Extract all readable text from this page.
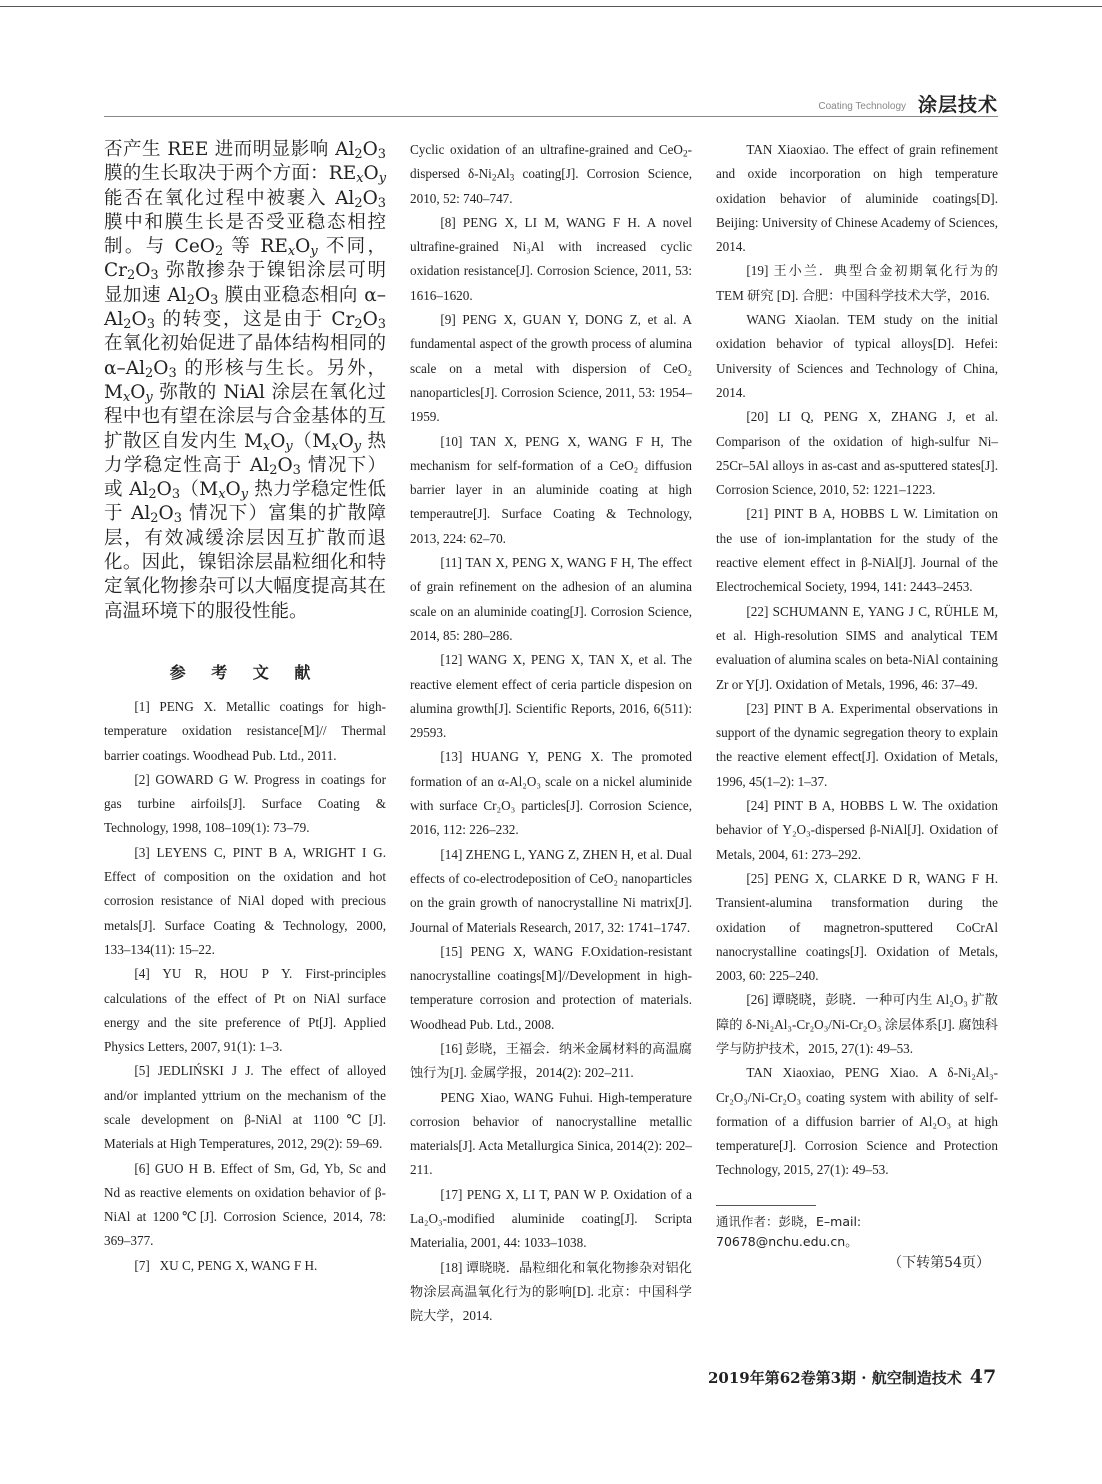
Coating Technology 涂层技术

否产生 REE 进而明显影响 $Al_2O_3$ 膜的生长取决于两个方面：$RE_xO_y$ 能否在氧化过程中被裹入 $Al_2O_3$ 膜中和膜生长是否受亚稳态相控制。与 CeO$_2$ 等 $RE_xO_y$ 不同，$Cr_2O_3$ 弥散掺杂于镍铝涂层可明显加速 $Al_2O_3$ 膜由亚稳态相向 $\alpha-Al_2O_3$ 的转变，这是由于 $Cr_2O_3$ 在氧化初始促进了晶体结构相同的 $\alpha-Al_2O_3$ 的形核与生长。另外，$M_xO_y$ 弥散的 NiAl 涂层在氧化过程中也有望在涂层与合金基体的互扩散区自发内生 $M_xO_y(M_xO_y$ 热力学稳定性高于 $Al_2O_3$ 情况下）或 $Al_2O_3(M_xO_y$ 热力学稳定性低于 $Al_2O_3$ 情况下）富集的扩散障层，有效减缓涂层因互扩散而退化。因此，镍铝涂层晶粒细化和特定氧化物掺杂可以大幅度提高其在高温环境下的服役性能。

参 考 文 献

[1] PENG X. Metallic coatings for high-temperature oxidation resistance[M]// Thermal barrier coatings. Woodhead Pub. Ltd., 2011.

[2] GOWARD G W. Progress in coatings for gas turbine airfoils[J]. Surface Coating & Technology, 1998, 108–109(1): 73–79.

[3] LEYENS C, PINT B A, WRIGHT I G. Effect of composition on the oxidation and hot corrosion resistance of NiAl doped with precious metals[J]. Surface Coating & Technology, 2000, 133–134(11): 15–22.

[4] YU R, HOU P Y. First-principles calculations of the effect of Pt on NiAl surface energy and the site preference of Pt[J]. Applied Physics Letters, 2007, 91(1): 1–3.

[5] JEDLIŃSKI J J. The effect of alloyed and/or implanted yttrium on the mechanism of the scale development on β-NiAl at 1100℃[J]. Materials at High Temperatures, 2012, 29(2): 59–69.

[6] GUO H B. Effect of Sm, Gd, Yb, Sc and Nd as reactive elements on oxidation behavior of β-NiAl at 1200℃[J]. Corrosion Science, 2014, 78: 369–377.

[7]   XU C, PENG X, WANG F H.

Cyclic oxidation of an ultrafine-grained and CeO$_2$-dispersed $\delta-Ni_2Al_3$ coating[J]. Corrosion Science, 2010, 52: 740–747.

[8] PENG X, LI M, WANG F H. A novel ultrafine-grained Ni₃Al with increased cyclic oxidation resistance[J]. Corrosion Science, 2011, 53: 1616–1620.

[9] PENG X, GUAN Y, DONG Z, et al. A fundamental aspect of the growth process of alumina scale on a metal with dispersion of CeO₂ nanoparticles[J]. Corrosion Science, 2011, 53: 1954–1959.

[10] TAN X, PENG X, WANG F H, The mechanism for self-formation of a CeO₂ diffusion barrier layer in an aluminide coating at high temperautre[J]. Surface Coating & Technology, 2013, 224: 62–70.

[11] TAN X, PENG X, WANG F H, The effect of grain refinement on the adhesion of an alumina scale on an aluminide coating[J]. Corrosion Science, 2014, 85: 280–286.

[12] WANG X, PENG X, TAN X, et al. The reactive element effect of ceria particle dispesion on alumina growth[J]. Scientific Reports, 2016, 6(511): 29593.

[13] HUANG Y, PENG X. The promoted formation of an α-Al₂O₃ scale on a nickel aluminide with surface Cr₂O₃ particles[J]. Corrosion Science, 2016, 112: 226–232.

[14] ZHENG L, YANG Z, ZHEN H, et al. Dual effects of co-electrodeposition of CeO₂ nanoparticles on the grain growth of nanocrystalline Ni matrix[J]. Journal of Materials Research, 2017, 32: 1741–1747.

[15] PENG X, WANG F.Oxidation-resistant nanocrystalline coatings[M]//Development in high-temperature corrosion and protection of materials. Woodhead Pub. Ltd., 2008.

[16] 彭晓，王福会．纳米金属材料的高温腐蚀行为[J]. 金属学报，2014(2): 202–211.

PENG Xiao, WANG Fuhui. High-temperature corrosion behavior of nanocrystalline metallic materials[J]. Acta Metallurgica Sinica, 2014(2): 202–211.

[17] PENG X, LI T, PAN W P. Oxidation of a La₂O₃-modified aluminide coating[J]. Scripta Materialia, 2001, 44: 1033–1038.

[18] 谭晓晓．晶粒细化和氧化物掺杂对铝化物涂层高温氧化行为的影响[D]. 北京：中国科学院大学，2014.

TAN Xiaoxiao. The effect of grain refinement and oxide incorporation on high temperature oxidation behavior of aluminide coatings[D]. Beijing: University of Chinese Academy of Sciences, 2014.

[19] 王小兰．典型合金初期氧化行为的 TEM 研究 [D]. 合肥：中国科学技术大学，2016.

WANG Xiaolan. TEM study on the initial oxidation behavior of typical alloys[D]. Hefei: University of Sciences and Technology of China, 2014.

[20] LI Q, PENG X, ZHANG J, et al. Comparison of the oxidation of high-sulfur Ni–25Cr–5Al alloys in as-cast and as-sputtered states[J]. Corrosion Science, 2010, 52: 1221–1223.

[21] PINT B A, HOBBS L W. Limitation on the use of ion-implantation for the study of the reactive element effect in β-NiAl[J]. Journal of the Electrochemical Society, 1994, 141: 2443–2453.

[22] SCHUMANN E, YANG J C, RÜHLE M, et al. High-resolution SIMS and analytical TEM evaluation of alumina scales on beta-NiAl containing Zr or Y[J]. Oxidation of Metals, 1996, 46: 37–49.

[23] PINT B A. Experimental observations in support of the dynamic segregation theory to explain the reactive element effect[J]. Oxidation of Metals, 1996, 45(1–2): 1–37.

[24] PINT B A, HOBBS L W. The oxidation behavior of Y₂O₃-dispersed β-NiAl[J]. Oxidation of Metals, 2004, 61: 273–292.

[25] PENG X, CLARKE D R, WANG F H. Transient-alumina transformation during the oxidation of magnetron-sputtered CoCrAl nanocrystalline coatings[J]. Oxidation of Metals, 2003, 60: 225–240.

[26] 谭晓晓，彭晓．一种可内生 Al₂O₃ 扩散障的 δ-Ni₂Al₃-Cr₂O₃/Ni-Cr₂O₃ 涂层体系[J]. 腐蚀科学与防护技术，2015, 27(1): 49–53.

TAN Xiaoxiao, PENG Xiao. A δ-Ni₂Al₃-Cr₂O₃/Ni-Cr₂O₃ coating system with ability of self-formation of a diffusion barrier of Al₂O₃ at high temperature[J]. Corrosion Science and Protection Technology, 2015, 27(1): 49–53.

通讯作者：彭晓，E–mail: 70678@nchu.edu.cn。
（下转第54页）
2019年第62卷第3期 · 航空制造技术 47
